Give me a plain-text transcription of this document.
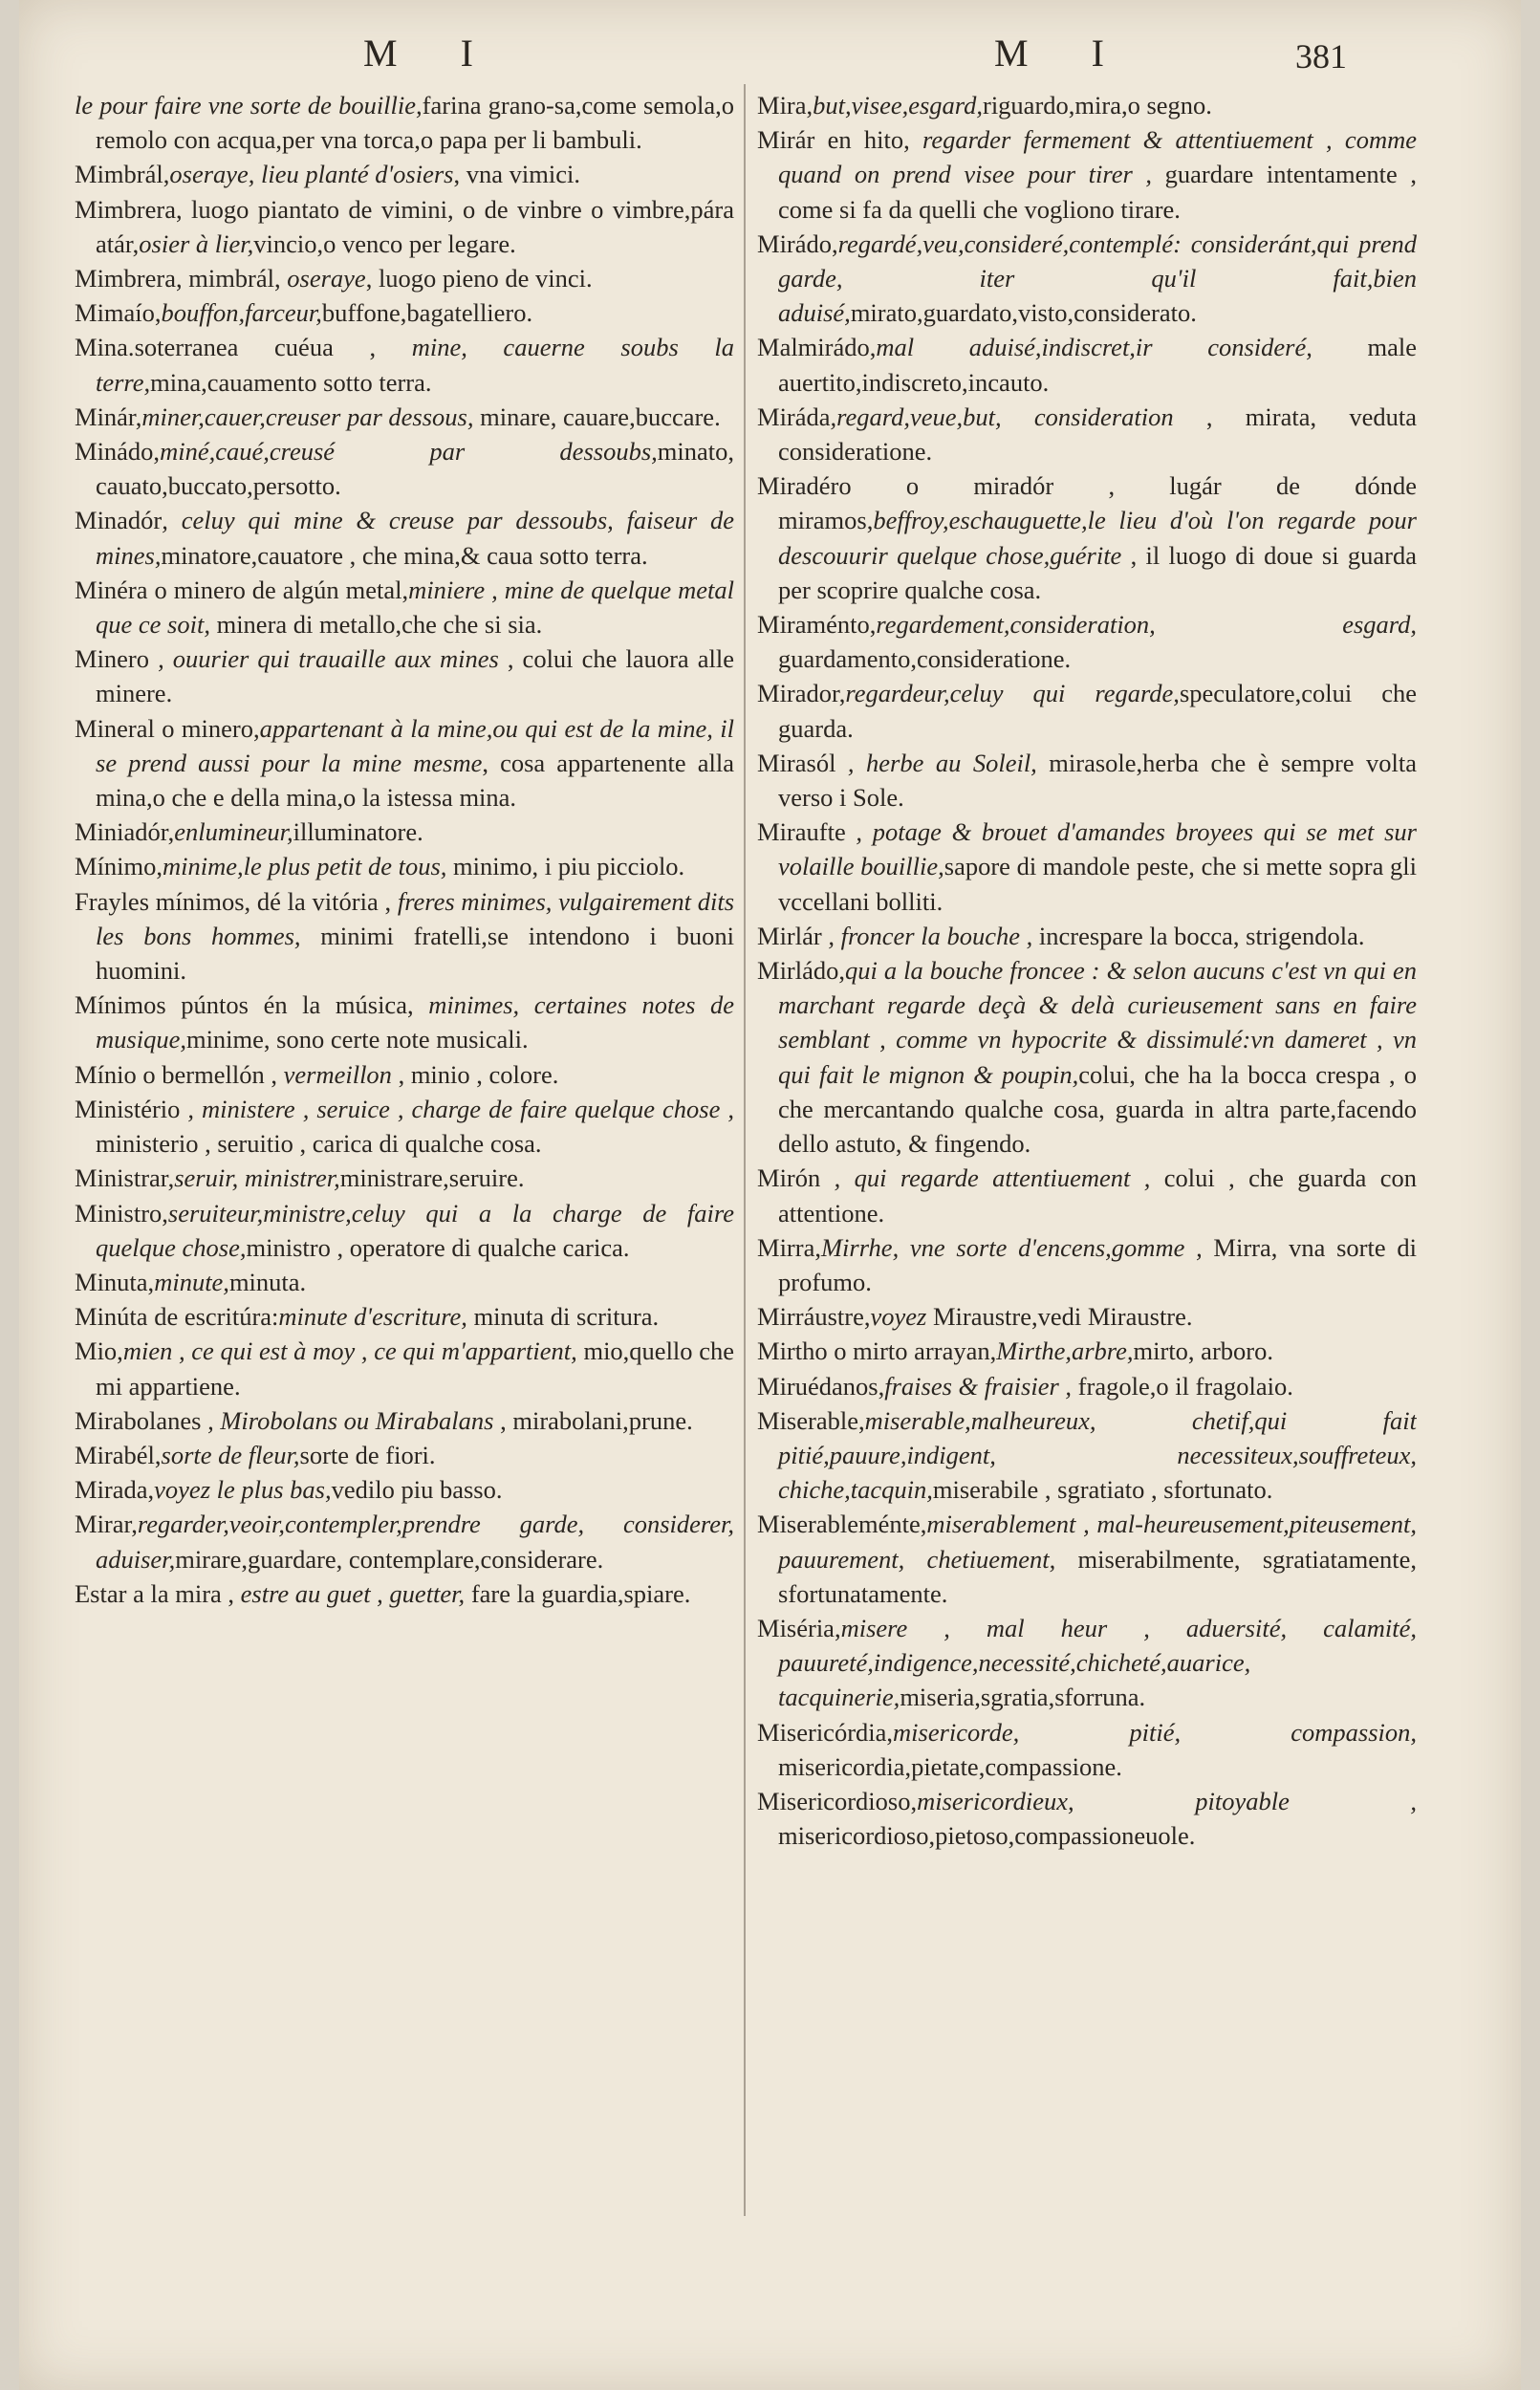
M I	M I	381

le pour faire vne sorte de bouillie,farina grano-sa,come semola,o remolo con acqua,per vna torca,o papa per li bambuli.

Mimbrál,oseraye, lieu planté d'osiers, vna vimici.

Mimbrera, luogo piantato de vimini, o de vinbre o vimbre,pára atár,osier à lier,vincio,o venco per legare.

Mimbrera, mimbrál, oseraye, luogo pieno de vinci.

Mimaío,bouffon,farceur,buffone,bagatelliero.

Mina.soterranea cuéua , mine, cauerne soubs la terre,mina,cauamento sotto terra.

Minár,miner,cauer,creuser par dessous, minare, cauare,buccare.

Minádo,miné,caué,creusé par dessoubs,minato, cauato,buccato,persotto.

Minadór, celuy qui mine & creuse par dessoubs, faiseur de mines,minatore,cauatore , che mina,& caua sotto terra.

Minéra o minero de algún metal,miniere , mine de quelque metal que ce soit, minera di metallo,che che si sia.

Minero , ouurier qui trauaille aux mines , colui che lauora alle minere.

Mineral o minero,appartenant à la mine,ou qui est de la mine, il se prend aussi pour la mine mesme, cosa appartenente alla mina,o che e della mina,o la istessa mina.

Miniadór,enlumineur,illuminatore.

Mínimo,minime,le plus petit de tous, minimo, i piu picciolo.

Frayles mínimos, dé la vitória , freres minimes, vulgairement dits les bons hommes, minimi fratelli,se intendono i buoni huomini.

Mínimos púntos én la música, minimes, certaines notes de musique,minime, sono certe note musicali.

Mínio o bermellón , vermeillon , minio , colore.

Ministério , ministere , seruice , charge de faire quelque chose , ministerio , seruitio , carica di qualche cosa.

Ministrar,seruir, ministrer,ministrare,seruire.

Ministro,seruiteur,ministre,celuy qui a la charge de faire quelque chose,ministro , operatore di qualche carica.

Minuta,minute,minuta.

Minúta de escritúra:minute d'escriture, minuta di scritura.

Mio,mien , ce qui est à moy , ce qui m'appartient, mio,quello che mi appartiene.

Mirabolanes , Mirobolans ou Mirabalans , mirabolani,prune.

Mirabél,sorte de fleur,sorte de fiori.

Mirada,voyez le plus bas,vedilo piu basso.

Mirar,regarder,veoir,contempler,prendre garde, considerer, aduiser,mirare,guardare, contemplare,considerare.

Estar a la mira , estre au guet , guetter, fare la guardia,spiare.

Mira,but,visee,esgard,riguardo,mira,o segno.

Mirár en hito, regarder fermement & attentiuement , comme quand on prend visee pour tirer , guardare intentamente , come si fa da quelli che vogliono tirare.

Mirádo,regardé,veu,consideré,contemplé: consideránt,qui prend garde, iter qu'il fait,bien aduisé,mirato,guardato,visto,considerato.

Malmirádo,mal aduisé,indiscret,ir consideré, male auertito,indiscreto,incauto.

Miráda,regard,veue,but, consideration , mirata, veduta consideratione.

Miradéro o miradór , lugár de dónde miramos,beffroy,eschauguette,le lieu d'où l'on regarde pour descouurir quelque chose,guérite , il luogo di doue si guarda per scoprire qualche cosa.

Miraménto,regardement,consideration, esgard, guardamento,consideratione.

Mirador,regardeur,celuy qui regarde,speculatore,colui che guarda.

Mirasól , herbe au Soleil, mirasole,herba che è sempre volta verso i Sole.

Miraufte , potage & brouet d'amandes broyees qui se met sur volaille bouillie,sapore di mandole peste, che si mette sopra gli vccellani bolliti.

Mirlár , froncer la bouche , increspare la bocca, strigendola.

Mirládo,qui a la bouche froncee : & selon aucuns c'est vn qui en marchant regarde deçà & delà curieusement sans en faire semblant , comme vn hypocrite & dissimulé:vn dameret , vn qui fait le mignon & poupin,colui, che ha la bocca crespa , o che mercantando qualche cosa, guarda in altra parte,facendo dello astuto, & fingendo.

Mirón , qui regarde attentiuement , colui , che guarda con attentione.

Mirra,Mirrhe, vne sorte d'encens,gomme , Mirra, vna sorte di profumo.

Mirráustre,voyez Miraustre,vedi Miraustre.

Mirtho o mirto arrayan,Mirthe,arbre,mirto, arboro.

Miruédanos,fraises & fraisier , fragole,o il fragolaio.

Miserable,miserable,malheureux, chetif,qui fait pitié,pauure,indigent, necessiteux,souffreteux, chiche,tacquin,miserabile , sgratiato , sfortunato.

Miserableménte,miserablement , mal-heureusement,piteusement, pauurement, chetiuement, miserabilmente, sgratiatamente, sfortunatamente.

Miséria,misere , mal heur , aduersité, calamité, pauureté,indigence,necessité,chicheté,auarice, tacquinerie,miseria,sgratia,sforruna.

Misericórdia,misericorde, pitié, compassion, misericordia,pietate,compassione.

Misericordioso,misericordieux, pitoyable , misericordioso,pietoso,compassioneuole.
